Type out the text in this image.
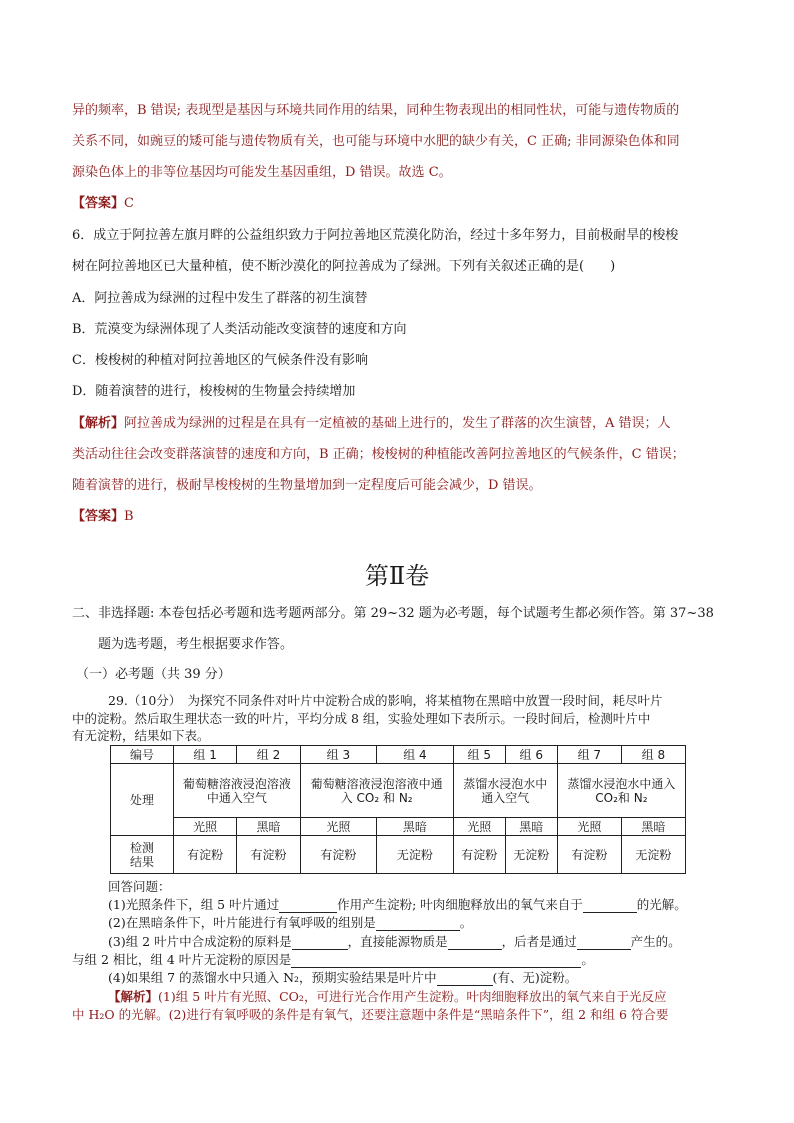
异的频率，B 错误; 表现型是基因与环境共同作用的结果，同种生物表现出的相同性状，可能与遗传物质的
关系不同，如豌豆的矮可能与遗传物质有关，也可能与环境中水肥的缺少有关，C 正确; 非同源染色体和同
源染色体上的非等位基因均可能发生基因重组，D 错误。故选 C。
【答案】C
6．成立于阿拉善左旗月畔的公益组织致力于阿拉善地区荒漠化防治，经过十多年努力，目前极耐旱的梭梭
树在阿拉善地区已大量种植，使不断沙漠化的阿拉善成为了绿洲。下列有关叙述正确的是(　　)
A．阿拉善成为绿洲的过程中发生了群落的初生演替
B．荒漠变为绿洲体现了人类活动能改变演替的速度和方向
C．梭梭树的种植对阿拉善地区的气候条件没有影响
D．随着演替的进行，梭梭树的生物量会持续增加
【解析】阿拉善成为绿洲的过程是在具有一定植被的基础上进行的，发生了群落的次生演替，A 错误；人
类活动往往会改变群落演替的速度和方向，B 正确；梭梭树的种植能改善阿拉善地区的气候条件，C 错误；
随着演替的进行，极耐旱梭梭树的生物量增加到一定程度后可能会减少，D 错误。
【答案】B
第Ⅱ卷
二、非选择题: 本卷包括必考题和选考题两部分。第 29~32 题为必考题，每个试题考生都必须作答。第 37~38
题为选考题，考生根据要求作答。
（一）必考题（共 39 分）
29.（10分）　为探究不同条件对叶片中淀粉合成的影响，将某植物在黑暗中放置一段时间，耗尽叶片
中的淀粉。然后取生理状态一致的叶片，平均分成 8 组，实验处理如下表所示。一段时间后，检测叶片中
有无淀粉，结果如下表。
编号	组 1	组 2	组 3	组 4	组 5	组 6	组 7	组 8
处理	葡萄糖溶液浸泡溶液中通入空气		葡萄糖溶液浸泡溶液中通入 CO₂ 和 N₂		蒸馏水浸泡水中通入空气		蒸馏水浸泡水中通入 CO₂和 N₂	
	光照	黑暗	光照	黑暗	光照	黑暗	光照	黑暗
检测结果	有淀粉	有淀粉	有淀粉	无淀粉	有淀粉	无淀粉	有淀粉	无淀粉
回答问题：
(1)光照条件下，组 5 叶片通过	作用产生淀粉; 叶肉细胞释放出的氧气来自于	的光解。
(2)在黑暗条件下，叶片能进行有氧呼吸的组别是	。
(3)组 2 叶片中合成淀粉的原料是	，直接能源物质是	，后者是通过	产生的。
与组 2 相比，组 4 叶片无淀粉的原因是	。
(4)如果组 7 的蒸馏水中只通入 N₂，预期实验结果是叶片中	(有、无)淀粉。
【解析】(1)组 5 叶片有光照、CO₂，可进行光合作用产生淀粉。叶肉细胞释放出的氧气来自于光反应
中 H₂O 的光解。(2)进行有氧呼吸的条件是有氧气，还要注意题中条件是“黑暗条件下”，组 2 和组 6 符合要
